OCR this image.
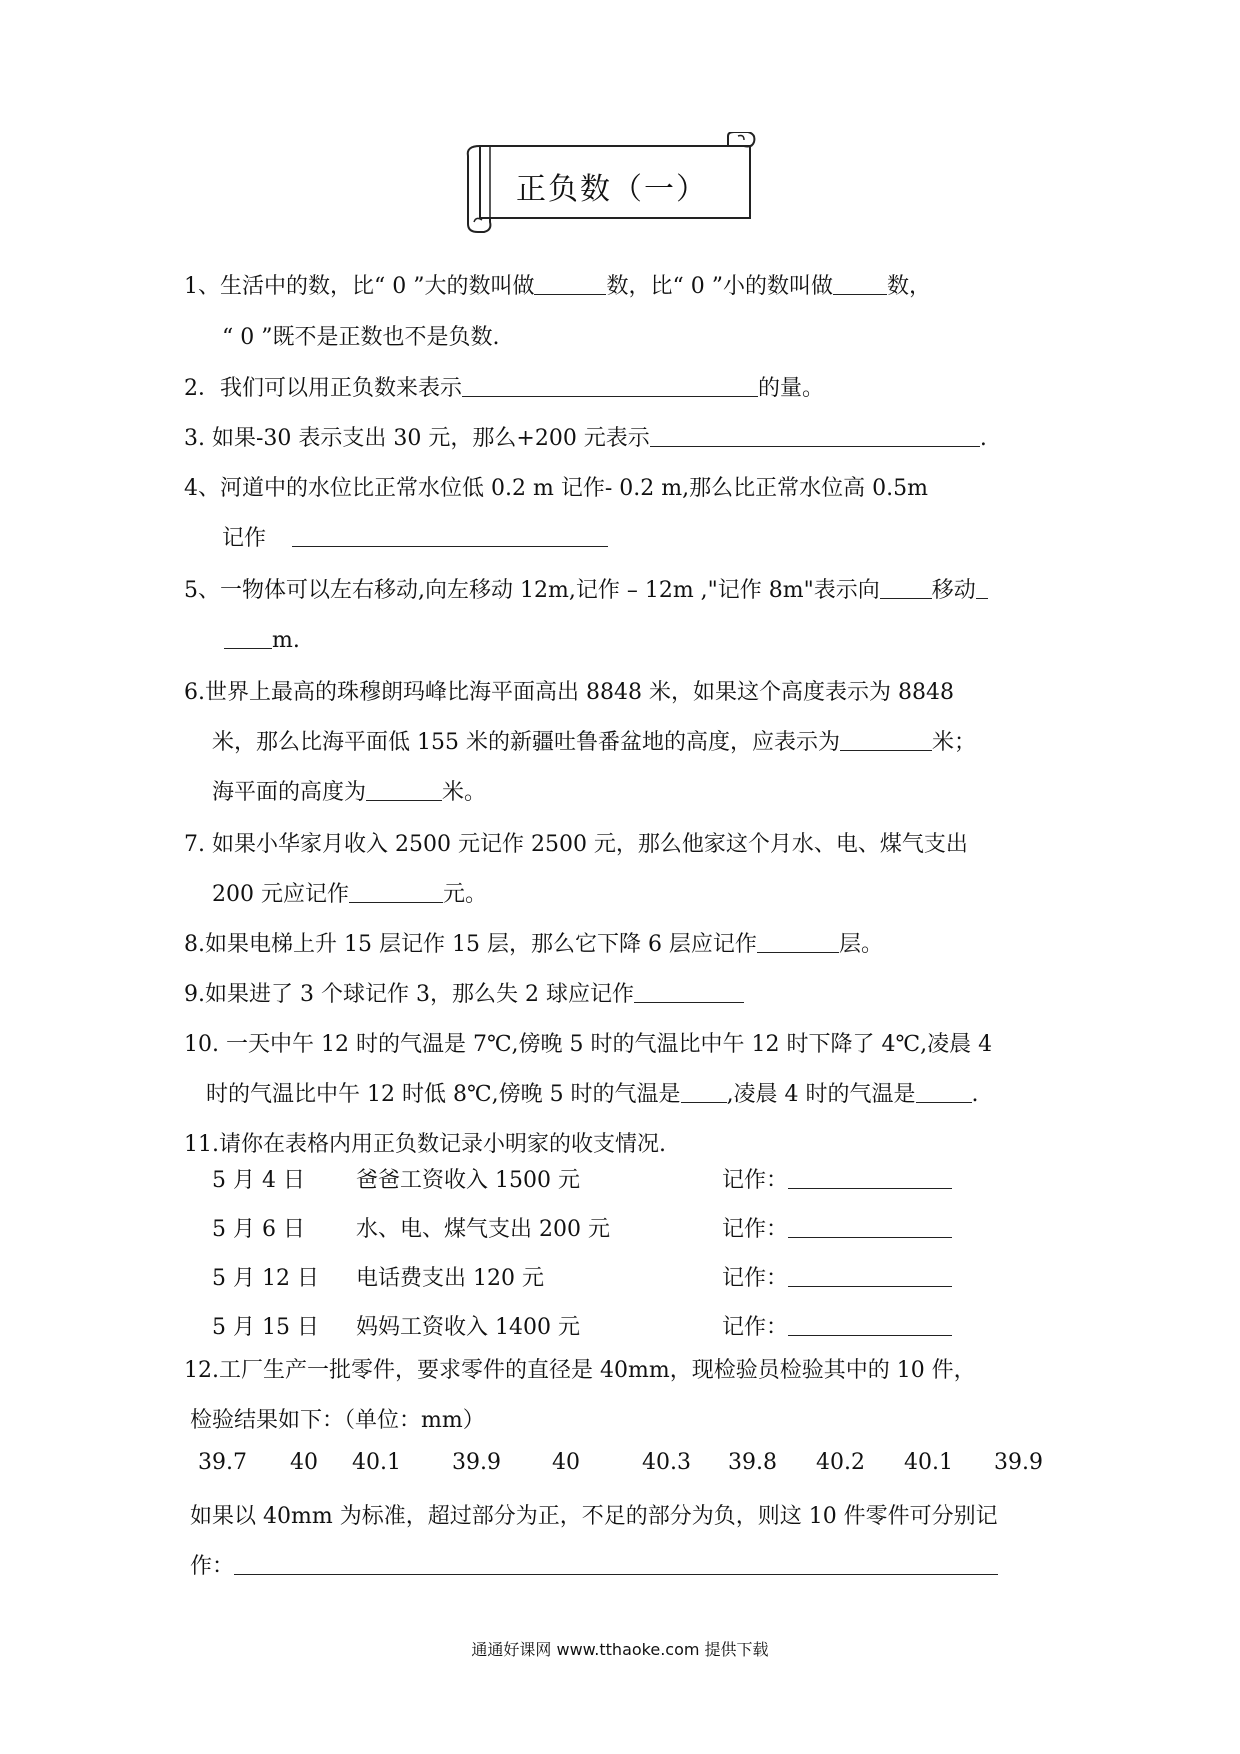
正负数（一）
1、生活中的数，比“ 0 ”大的数叫做	数，比“ 0 ”小的数叫做 数，
“ 0 ”既不是正数也不是负数.
2．我们可以用正负数来表示	的量。
3. 如果-30 表示支出 30 元，那么+200 元表示	.
4、河道中的水位比正常水位低 0.2 m 记作- 0.2 m,那么比正常水位高 0.5m
记作
5、一物体可以左右移动,向左移动 12m,记作 – 12m ,"记作 8m"表示向 移动
m.
6.世界上最高的珠穆朗玛峰比海平面高出 8848 米，如果这个高度表示为 8848
米，那么比海平面低 155 米的新疆吐鲁番盆地的高度，应表示为	米；
海平面的高度为	米。
7. 如果小华家月收入 2500 元记作 2500 元，那么他家这个月水、电、煤气支出
200 元应记作	元。
8.如果电梯上升 15 层记作 15 层，那么它下降 6 层应记作	层。
9.如果进了 3 个球记作 3，那么失 2 球应记作
10. 一天中午 12 时的气温是 7℃,傍晚 5 时的气温比中午 12 时下降了 4℃,凌晨 4
时的气温比中午 12 时低 8℃,傍晚 5 时的气温是 ,凌晨 4 时的气温是	.
11.请你在表格内用正负数记录小明家的收支情况.
5 月 4 日 爸爸工资收入 1500 元	记作：
5 月 6 日 水、电、煤气支出 200 元	记作：
5 月 12 日 电话费支出 120 元	记作：
5 月 15 日 妈妈工资收入 1400 元	记作：
12.工厂生产一批零件，要求零件的直径是 40mm，现检验员检验其中的 10 件，
检验结果如下：（单位：mm）
39.7 40 40.1 39.9 40	40.3 39.8 40.2 40.1 39.9
如果以 40mm 为标准，超过部分为正，不足的部分为负，则这 10 件零件可分别记
作：
通通好课网 www.tthaoke.com 提供下载
